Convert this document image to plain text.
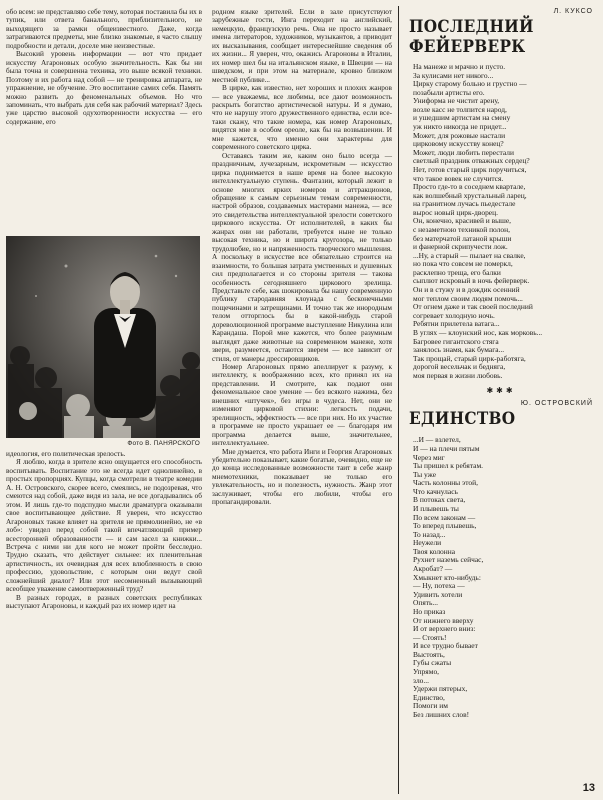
обо всем: не представляю себе тему, которая поставила бы их в тупик, или ответа банального, приблизительного, не выходящего за рамки общеизвестного. Даже, когда затрагиваются предметы, мне близко знакомые, я часто слышу подробности и детали, доселе мне неизвестные.

Высокий уровень информации — вот что придает искусству Агароновых особую значительность. Как бы ни была точна и совершенна техника, это выше всякой техники. Поэтому и их работа над собой — не тренировка аппарата, не упражнение, не обучение. Это воспитание самих себя. Память можно развить до феноменальных объемов. Но что запоминать, что выбрать для себя как рабочий материал? Здесь уже царство высокой одухотворенности искусства — его содержание, его

Фото В. ПАНЯРСКОГО

идеология, его политическая зрелость.

Я люблю, когда в зрителе ясно ощущается его способность воспитывать. Воспитание это не всегда идет однолинейно, в простых пропорциях. Купцы, когда смотрели в театре комедии А. Н. Островского, скорее всего, смеялись, не подозревая, что смеются над собой, даже видя из зала, не все догадывались об этом. И лишь где-то подспудно мысли драматурга оказывали свое воспитывающее действие. Я уверен, что искусство Агароновых также влияет на зрителя не прямолинейно, не «в лоб»: увидел перед собой такой впечатляющий пример всесторонней образованности — и сам засел за книжки... Встреча с ними ни для кого не может пройти бесследно. Трудно сказать, что действует сильнее: их пленительная артистичность, их очевидная для всех влюбленность в свою профессию, удовольствие, с которым они ведут свой сложнейший диалог? Или этот несомненный вызывающий всеобщее уважение самоотверженный труд?

В разных городах, в разных советских республиках выступают Агароновы, и каждый раз их номер идет на

родном языке зрителей. Если в зале присутствуют зарубежные гости, Инга переходит на английский, немецкую, французскую речь. Она не просто называет имена литераторов, художников, музыкантов, а приводит их высказывания, сообщает интереснейшие сведения об их жизни... Я уверен, что, окажись Агароновы в Италии, их номер шел бы на итальянском языке, в Швеции — на шведском, и при этом на материале, кровно близком местной публике...

В цирке, как известно, нет хороших и плохих жанров — все уважаемы, все любимы, все дают возможность раскрыть богатство артистической натуры. И я думаю, что не нарушу этого дружественного единства, если все-таки скажу, что такие номера, как номер Агароновых, видятся мне в особом ореоле, как бы на возвышении. И мне кажется, что именно они характерны для современного советского цирка.

Оставаясь таким же, каким оно было всегда — праздничным, лучезарным, искрометным — искусство цирка поднимается в наше время на более высокую интеллектуальную ступень. Фантазии, который лежит в основе многих ярких номеров и аттракционов, обращение к самым серьезным темам современности, настрой образов, создаваемых мастерами манежа, — все это свидетельства интеллектуальной зрелости советского циркового искусства. От исполнителей, в каких бы жанрах они ни работали, требуется ныне не только высокая техника, но и широта кругозора, не только трудолюбие, но и напряженность творческого мышления. А поскольку в искусстве все обязательно строится на взаимности, то большая затрата умственных и душевных сил предполагается и со стороны зрителя — такова особенность сегодняшнего циркового зрелища. Представьте себе, как шокировала бы нашу современную публику стародавняя клоунада с бесконечными пощечинами и затрещинами. И точно так же инородным телом отторглось бы в какой-нибудь старой дореволюционной программе выступление Никулина или Карандаша. Порой мне кажется, что более разумным выглядят даже животные на современном манеже, хотя звери, разумеется, остаются зверем — все зависит от стиля, от манеры дрессировщиков.

Номер Агароновых прямо апеллирует к разуму, к интеллекту, к воображению всех, кто принял их на представлении. И смотрите, как подают они феноменальное свое умение — без всякого нажима, без внешних «штучек», без игры в чудеса. Нет, они не изменяют цирковой стихии: легкость подачи, зрелищность, эффектность — все при них. Но их участие в программе не просто украшает ее — благодаря им программа делается выше, значительнее, интеллектуальнее.

Мне думается, что работа Инги и Георгия Агароновых убедительно показывает, какие богатые, очевидно, еще не до конца исследованные возможности таит в себе жанр мнемотехники, показывает не только его увлекательность, но и полезность, нужность. Жанр этот заслуживает, чтобы его любили, чтобы его пропагандировали.

Л. КУКСО
ПОСЛЕДНИЙ ФЕЙЕРВЕРК
На манеже и мрачно и пусто.
За кулисами нет никого...
Цирку старому больно и грустно —
позабыли артисты его.
Униформа не чистит арену,
возле касс не толпится народ,
и ушедшим артистам на смену
уж никто никогда не придет...
Может, для рожовые настали
цирковому искусству конец?
Может, люди любить перестали
светлый праздник отважных сердец?
Нет, готов старый цирк поручиться,
что такое вовек не случится.
Просто где-то в соседнем квартале,
как волшебный хрустальный ларец,
на гранитном лучась пьедестале
вырос новый цирк-дворец.
Он, конечно, красивей и выше,
с незаметною техникой полон,
без матерчатой латаной крыши
и фанерной скрипучести лож.
...Ну, а старый — пылает на свалке,
но пока что совсем не померкл,
расклепно треща, его балки
сыплют искровый в ночь фейерверк.
Он и в стужу и в дождик осенний
мог теплом своим людям помочь...
От огнем даже и так своей последний
согревает холодную ночь.
Ребятни прилетела ватага...
В углях — клоунский нос, как морковь...
Багровее гигантского стяга
занялось знамя, как бумага...
Так прощай, старый цирк-работяга,
дорогой весельчак и бедняга,
моя первая в жизни любовь.
✱✱✱
Ю. ОСТРОВСКИЙ
ЕДИНСТВО
...И — взлетел,
И — на плечи пятым
Через миг
Ты пришел к ребятам.
Ты уже
Часть колонны этой,
Что качнулась
В потоках света,
И плывешь ты
По всем законам —
То вперед плывешь,
То назад...
Неужели
Твоя колонна
Рухнет наземь сейчас,
Акробат? —
Хмыкнет кто-нибудь:
— Ну, потеха —
Удивить хотели
Опять...
Но приказ
От нижнего вверху
И от верхнего вниз:
— Стоять!
И все трудно бывает
Выстоять,
Губы сжаты
Упрямо,
зло...
Удержи пятерых,
Единство,
Помоги им
Без лишних слов!
13
